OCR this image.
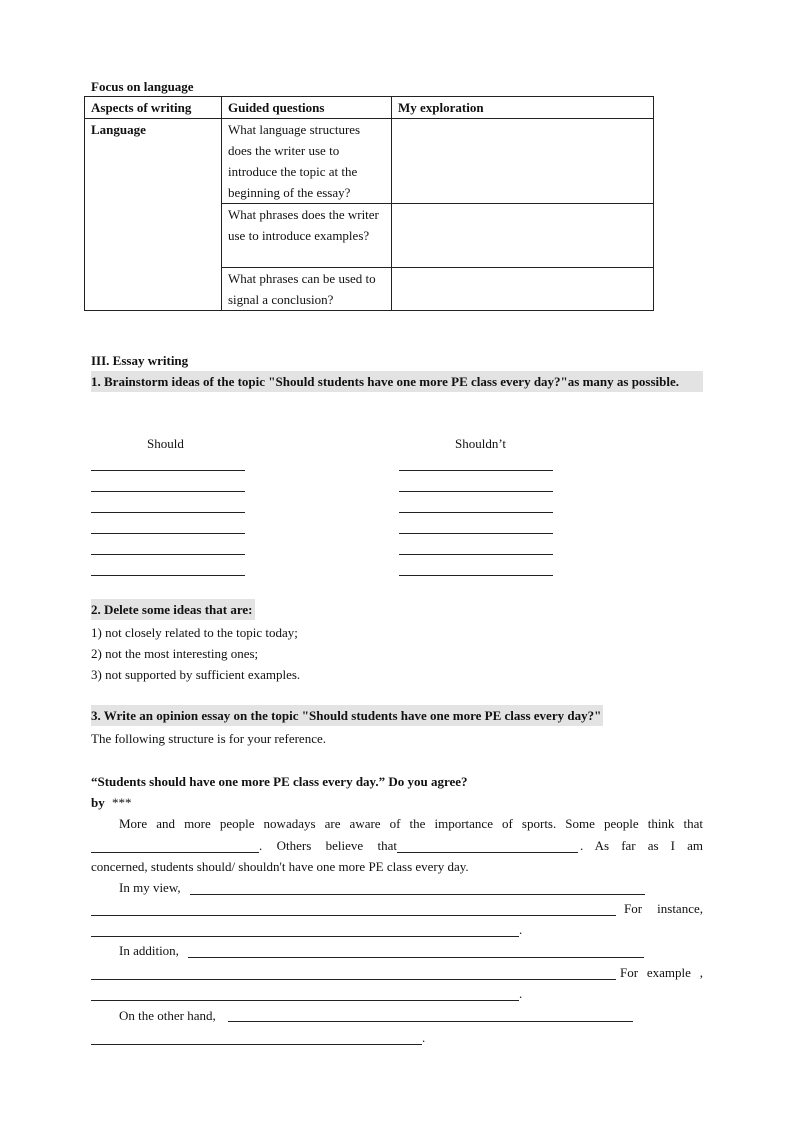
Focus on language
Aspects of writing	Guided questions	My exploration
Language	What language structures does the writer use to introduce the topic at the beginning of the essay?	
	What phrases does the writer use to introduce examples?	
	What phrases can be used to signal a conclusion?	
III. Essay writing
1. Brainstorm ideas of the topic "Should students have one more PE class every day?"as many as possible.
Should	Shouldn’t
2. Delete some ideas that are:
1) not closely related to the topic today;
2) not the most interesting ones;
3) not supported by sufficient examples.
3. Write an opinion essay on the topic "Should students have one more PE class every day?"
The following structure is for your reference.
“Students should have one more PE class every day.” Do you agree?
by ***
More and more people nowadays are aware of the importance of sports. Some people think that
. Others believe that	. As far as I am
concerned, students should/ shouldn't have one more PE class every day.
In my view,
For instance,
.
In addition,
For example ,
.
On the other hand,
.
